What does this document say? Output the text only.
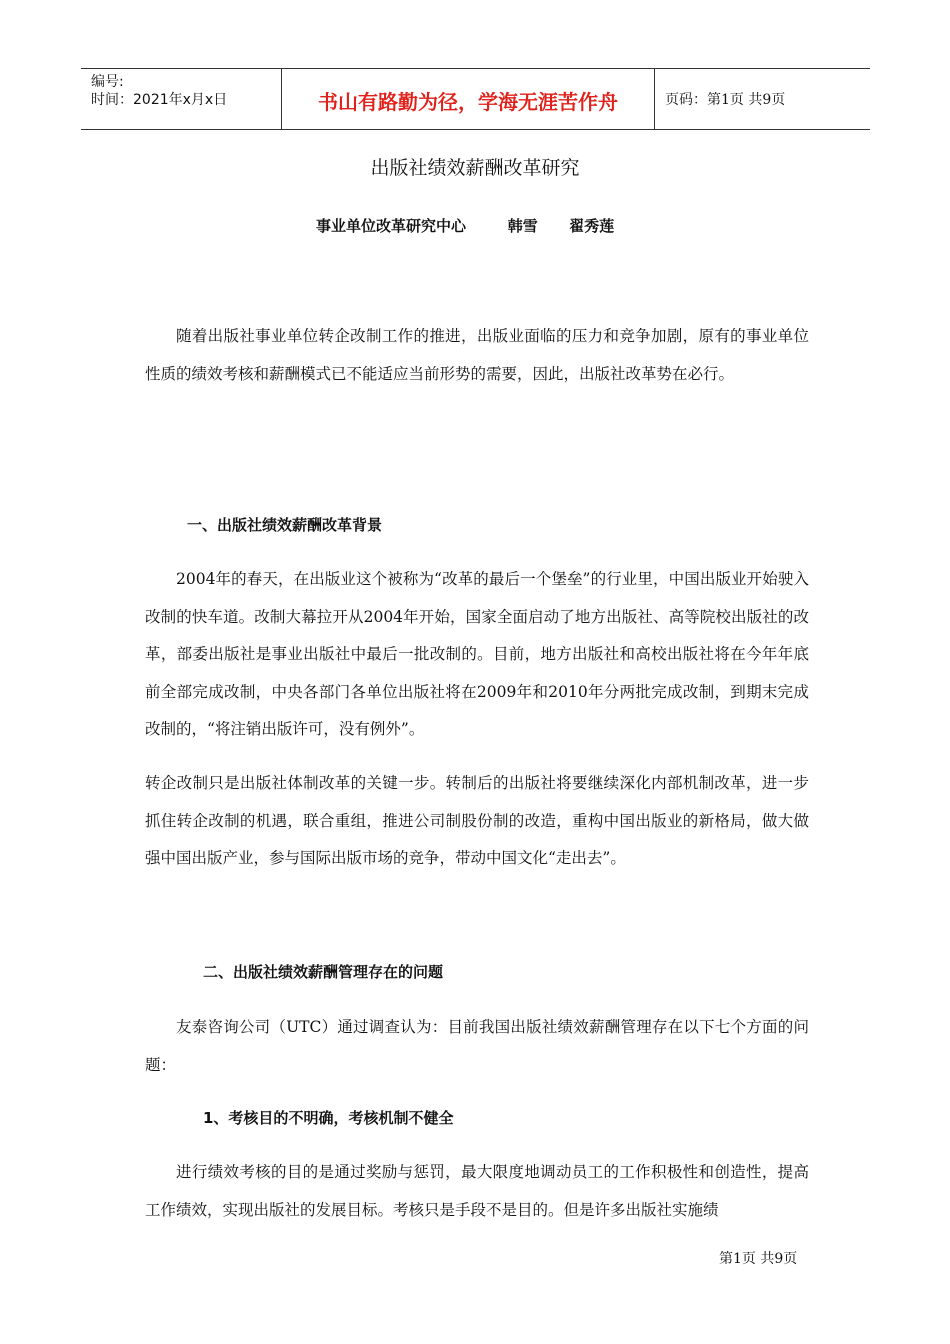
编号:
时间：2021年x月x日	书山有路勤为径，学海无涯苦作舟	页码：第1页 共9页
出版社绩效薪酬改革研究
事业单位改革研究中心        韩雪      翟秀莲

随着出版社事业单位转企改制工作的推进，出版业面临的压力和竞争加剧，原有的事业单位性质的绩效考核和薪酬模式已不能适应当前形势的需要，因此，出版社改革势在必行。

一、出版社绩效薪酬改革背景

2004年的春天，在出版业这个被称为“改革的最后一个堡垒”的行业里，中国出版业开始驶入改制的快车道。改制大幕拉开从2004年开始，国家全面启动了地方出版社、高等院校出版社的改革，部委出版社是事业出版社中最后一批改制的。目前，地方出版社和高校出版社将在今年年底前全部完成改制，中央各部门各单位出版社将在2009年和2010年分两批完成改制，到期末完成改制的，“将注销出版许可，没有例外”。

转企改制只是出版社体制改革的关键一步。转制后的出版社将要继续深化内部机制改革，进一步抓住转企改制的机遇，联合重组，推进公司制股份制的改造，重构中国出版业的新格局，做大做强中国出版产业，参与国际出版市场的竞争，带动中国文化“走出去”。

二、出版社绩效薪酬管理存在的问题

友泰咨询公司（UTC）通过调查认为：目前我国出版社绩效薪酬管理存在以下七个方面的问题：

1、考核目的不明确，考核机制不健全

进行绩效考核的目的是通过奖励与惩罚，最大限度地调动员工的工作积极性和创造性，提高工作绩效，实现出版社的发展目标。考核只是手段不是目的。但是许多出版社实施绩

第1页 共9页
